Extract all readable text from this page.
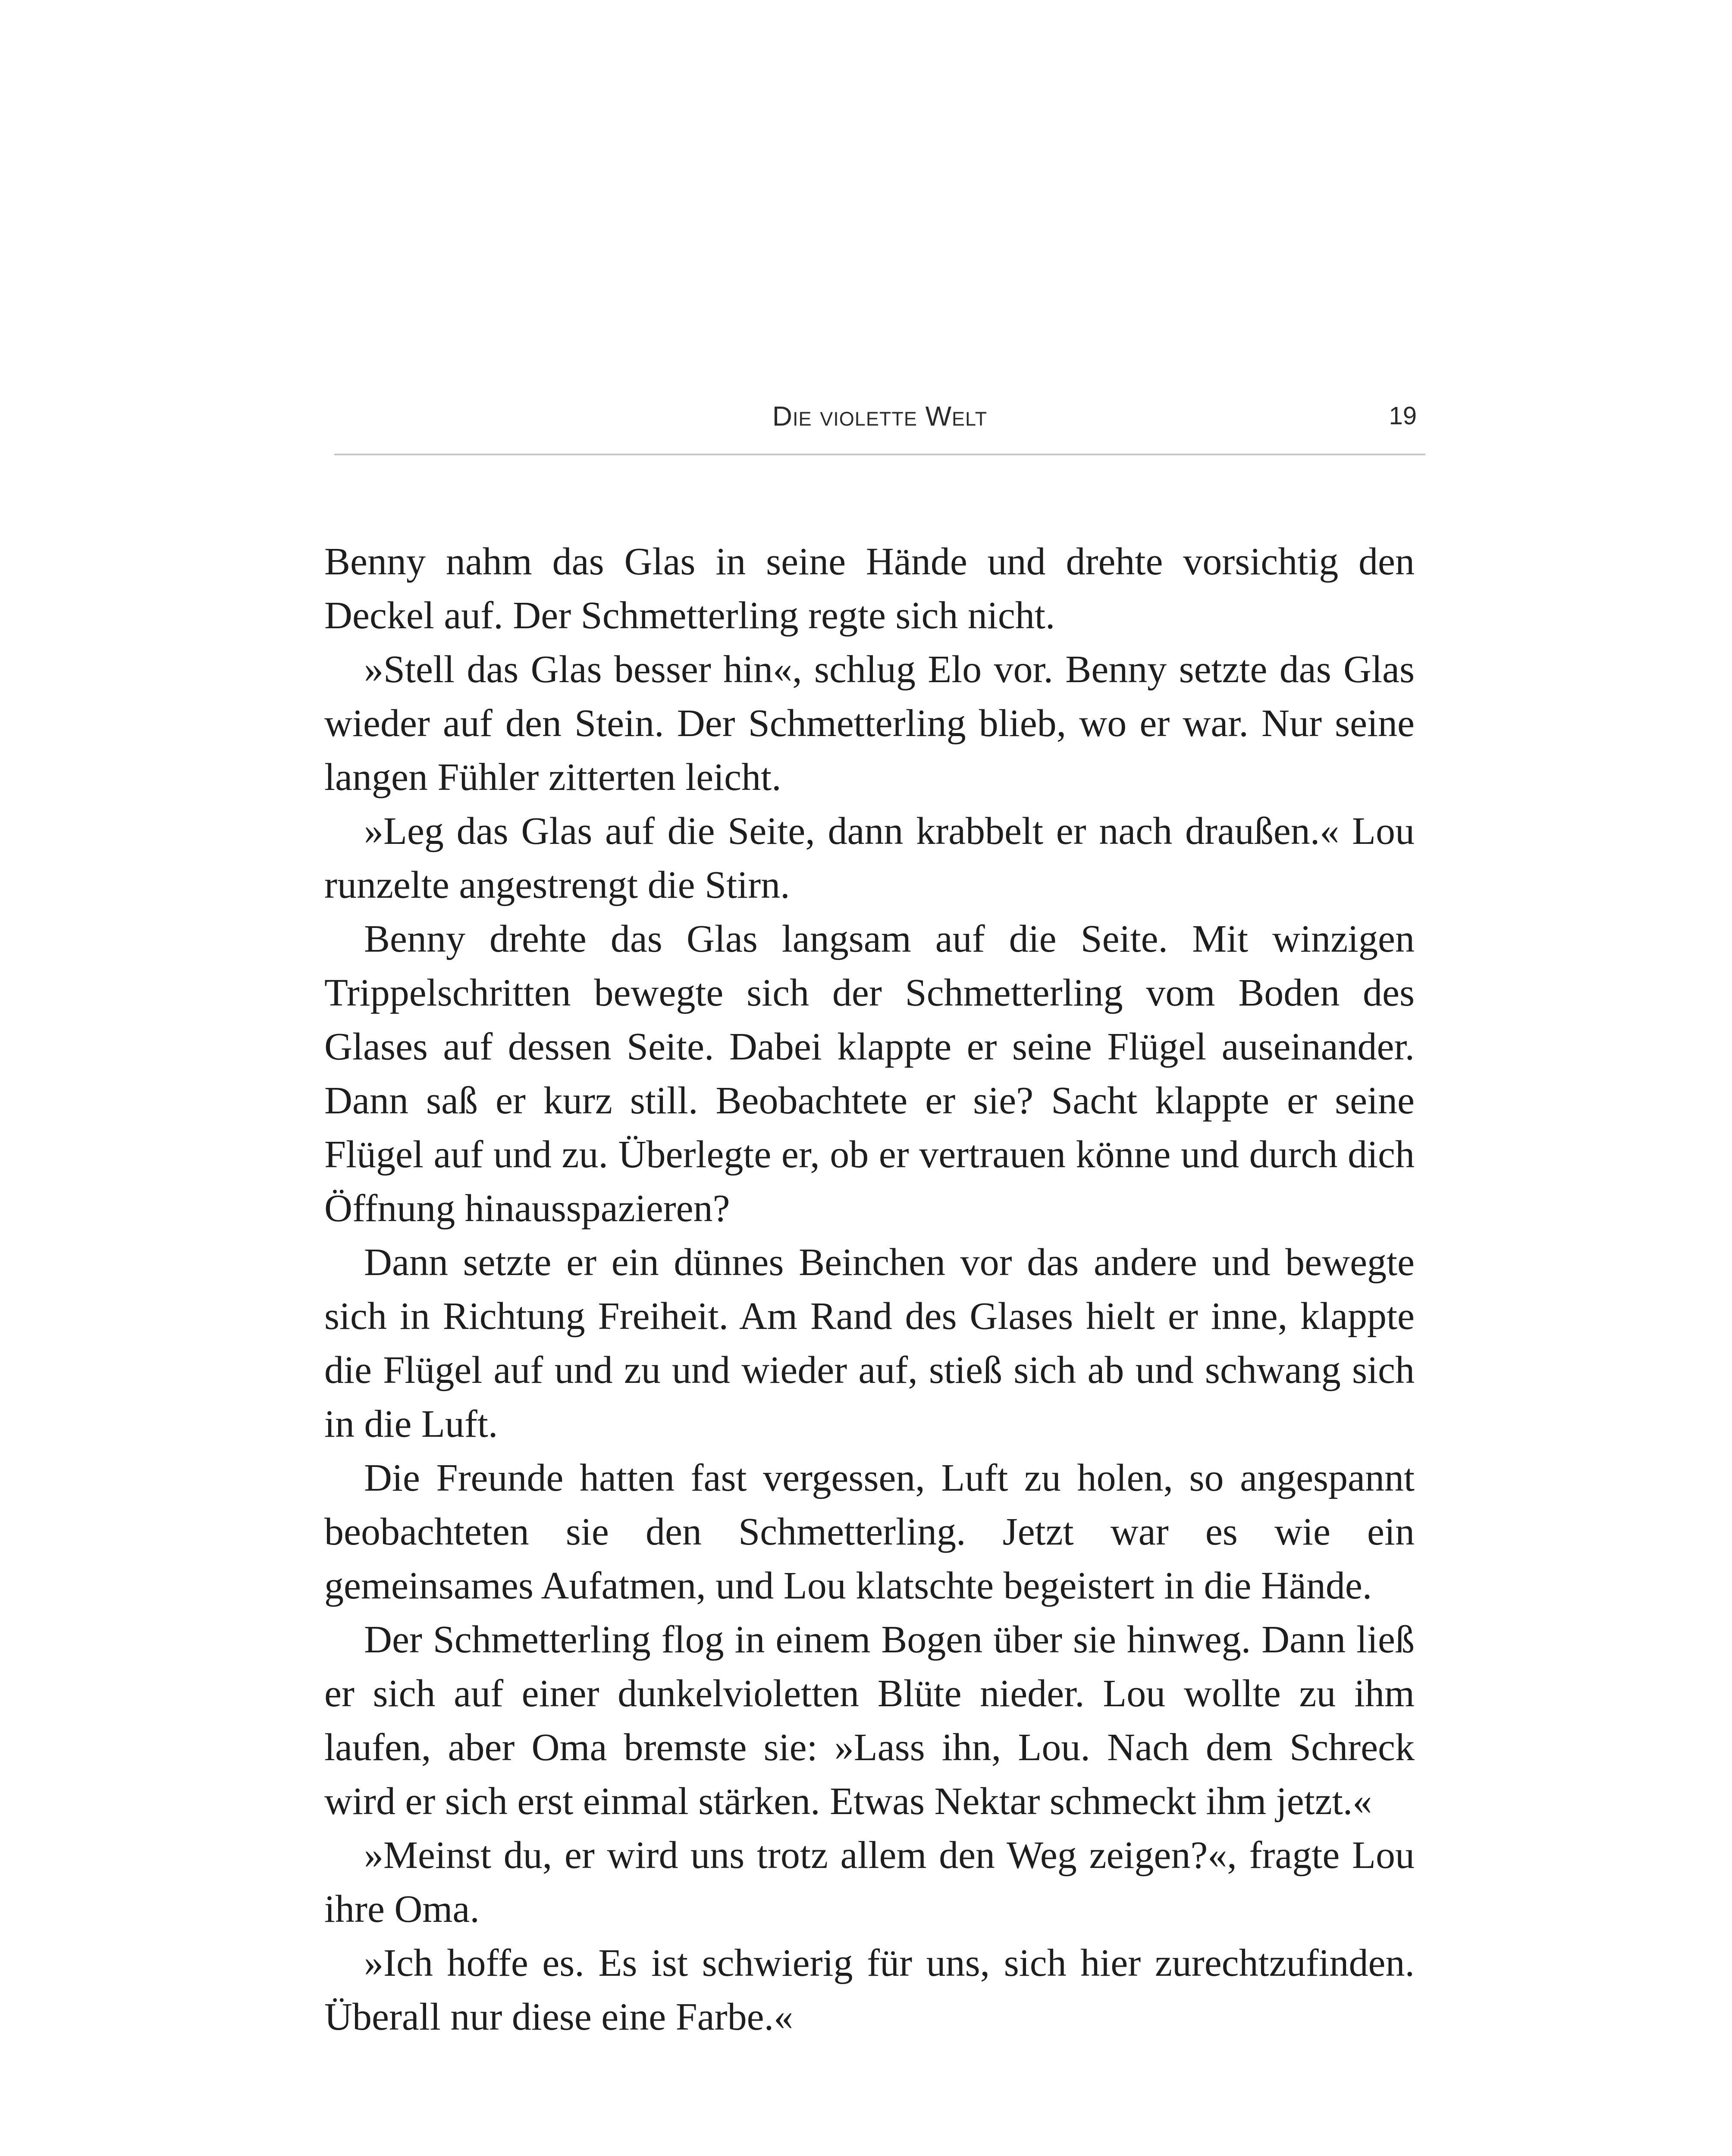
Die violette Welt	19

Benny nahm das Glas in seine Hände und drehte vorsichtig den Deckel auf. Der Schmetterling regte sich nicht.

»Stell das Glas besser hin«, schlug Elo vor. Benny setzte das Glas wieder auf den Stein. Der Schmetterling blieb, wo er war. Nur seine langen Fühler zitterten leicht.

»Leg das Glas auf die Seite, dann krabbelt er nach draußen.« Lou runzelte angestrengt die Stirn.

Benny drehte das Glas langsam auf die Seite. Mit winzigen Trippelschritten bewegte sich der Schmetterling vom Boden des Glases auf dessen Seite. Dabei klappte er seine Flügel auseinander. Dann saß er kurz still. Beobachtete er sie? Sacht klappte er seine Flügel auf und zu. Überlegte er, ob er vertrauen könne und durch dich Öffnung hinausspazieren?

Dann setzte er ein dünnes Beinchen vor das andere und bewegte sich in Richtung Freiheit. Am Rand des Glases hielt er inne, klappte die Flügel auf und zu und wieder auf, stieß sich ab und schwang sich in die Luft.

Die Freunde hatten fast vergessen, Luft zu holen, so angespannt beobachteten sie den Schmetterling. Jetzt war es wie ein gemeinsames Aufatmen, und Lou klatschte begeistert in die Hände.

Der Schmetterling flog in einem Bogen über sie hinweg. Dann ließ er sich auf einer dunkelvioletten Blüte nieder. Lou wollte zu ihm laufen, aber Oma bremste sie: »Lass ihn, Lou. Nach dem Schreck wird er sich erst einmal stärken. Etwas Nektar schmeckt ihm jetzt.«

»Meinst du, er wird uns trotz allem den Weg zeigen?«, fragte Lou ihre Oma.

»Ich hoffe es. Es ist schwierig für uns, sich hier zurechtzufinden. Überall nur diese eine Farbe.«
